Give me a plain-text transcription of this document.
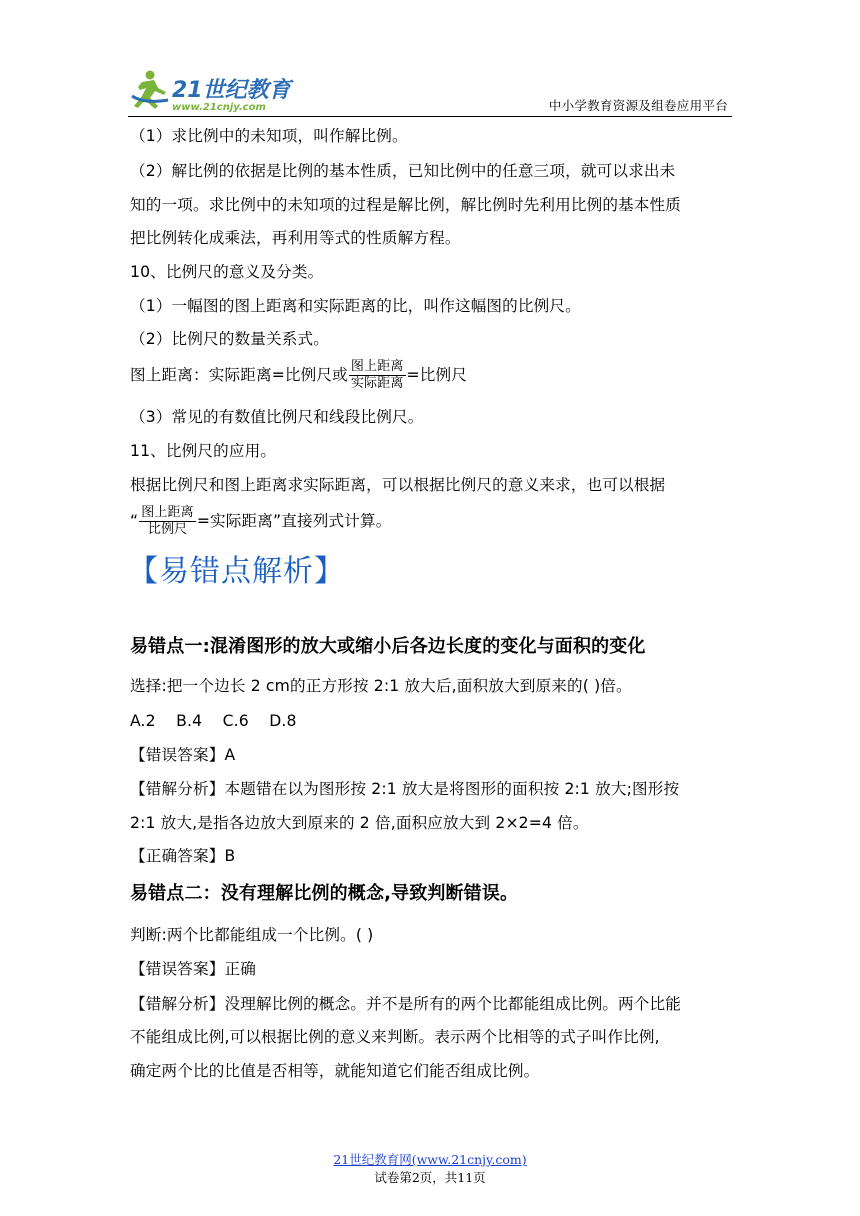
21世纪教育
www.21cnjy.com	中小学教育资源及组卷应用平台
（1）求比例中的未知项，叫作解比例。
（2）解比例的依据是比例的基本性质，已知比例中的任意三项，就可以求出未
知的一项。求比例中的未知项的过程是解比例，解比例时先利用比例的基本性质
把比例转化成乘法，再利用等式的性质解方程。
10、比例尺的意义及分类。
（1）一幅图的图上距离和实际距离的比，叫作这幅图的比例尺。
（2）比例尺的数量关系式。
图上距离：实际距离=比例尺或 $\frac{\text{图上距离}}{\text{实际距离}}$ =比例尺
（3）常见的有数值比例尺和线段比例尺。
11、比例尺的应用。
根据比例尺和图上距离求实际距离，可以根据比例尺的意义来求，也可以根据
“ $\frac{\text{图上距离}}{\text{比例尺}}$ =实际距离”直接列式计算。
【易错点解析】
易错点一:混淆图形的放大或缩小后各边长度的变化与面积的变化
选择:把一个边长 2 cm的正方形按 2:1 放大后,面积放大到原来的( )倍。
A.2    B.4    C.6    D.8
【错误答案】A
【错解分析】本题错在以为图形按 2:1 放大是将图形的面积按 2:1 放大;图形按
2:1 放大,是指各边放大到原来的 2 倍,面积应放大到 2×2=4 倍。
【正确答案】B
易错点二：没有理解比例的概念,导致判断错误。
判断:两个比都能组成一个比例。( )
【错误答案】正确
【错解分析】没理解比例的概念。并不是所有的两个比都能组成比例。两个比能
不能组成比例,可以根据比例的意义来判断。表示两个比相等的式子叫作比例,
确定两个比的比值是否相等，就能知道它们能否组成比例。
21世纪教育网(www.21cnjy.com)
试卷第2页，共11页
